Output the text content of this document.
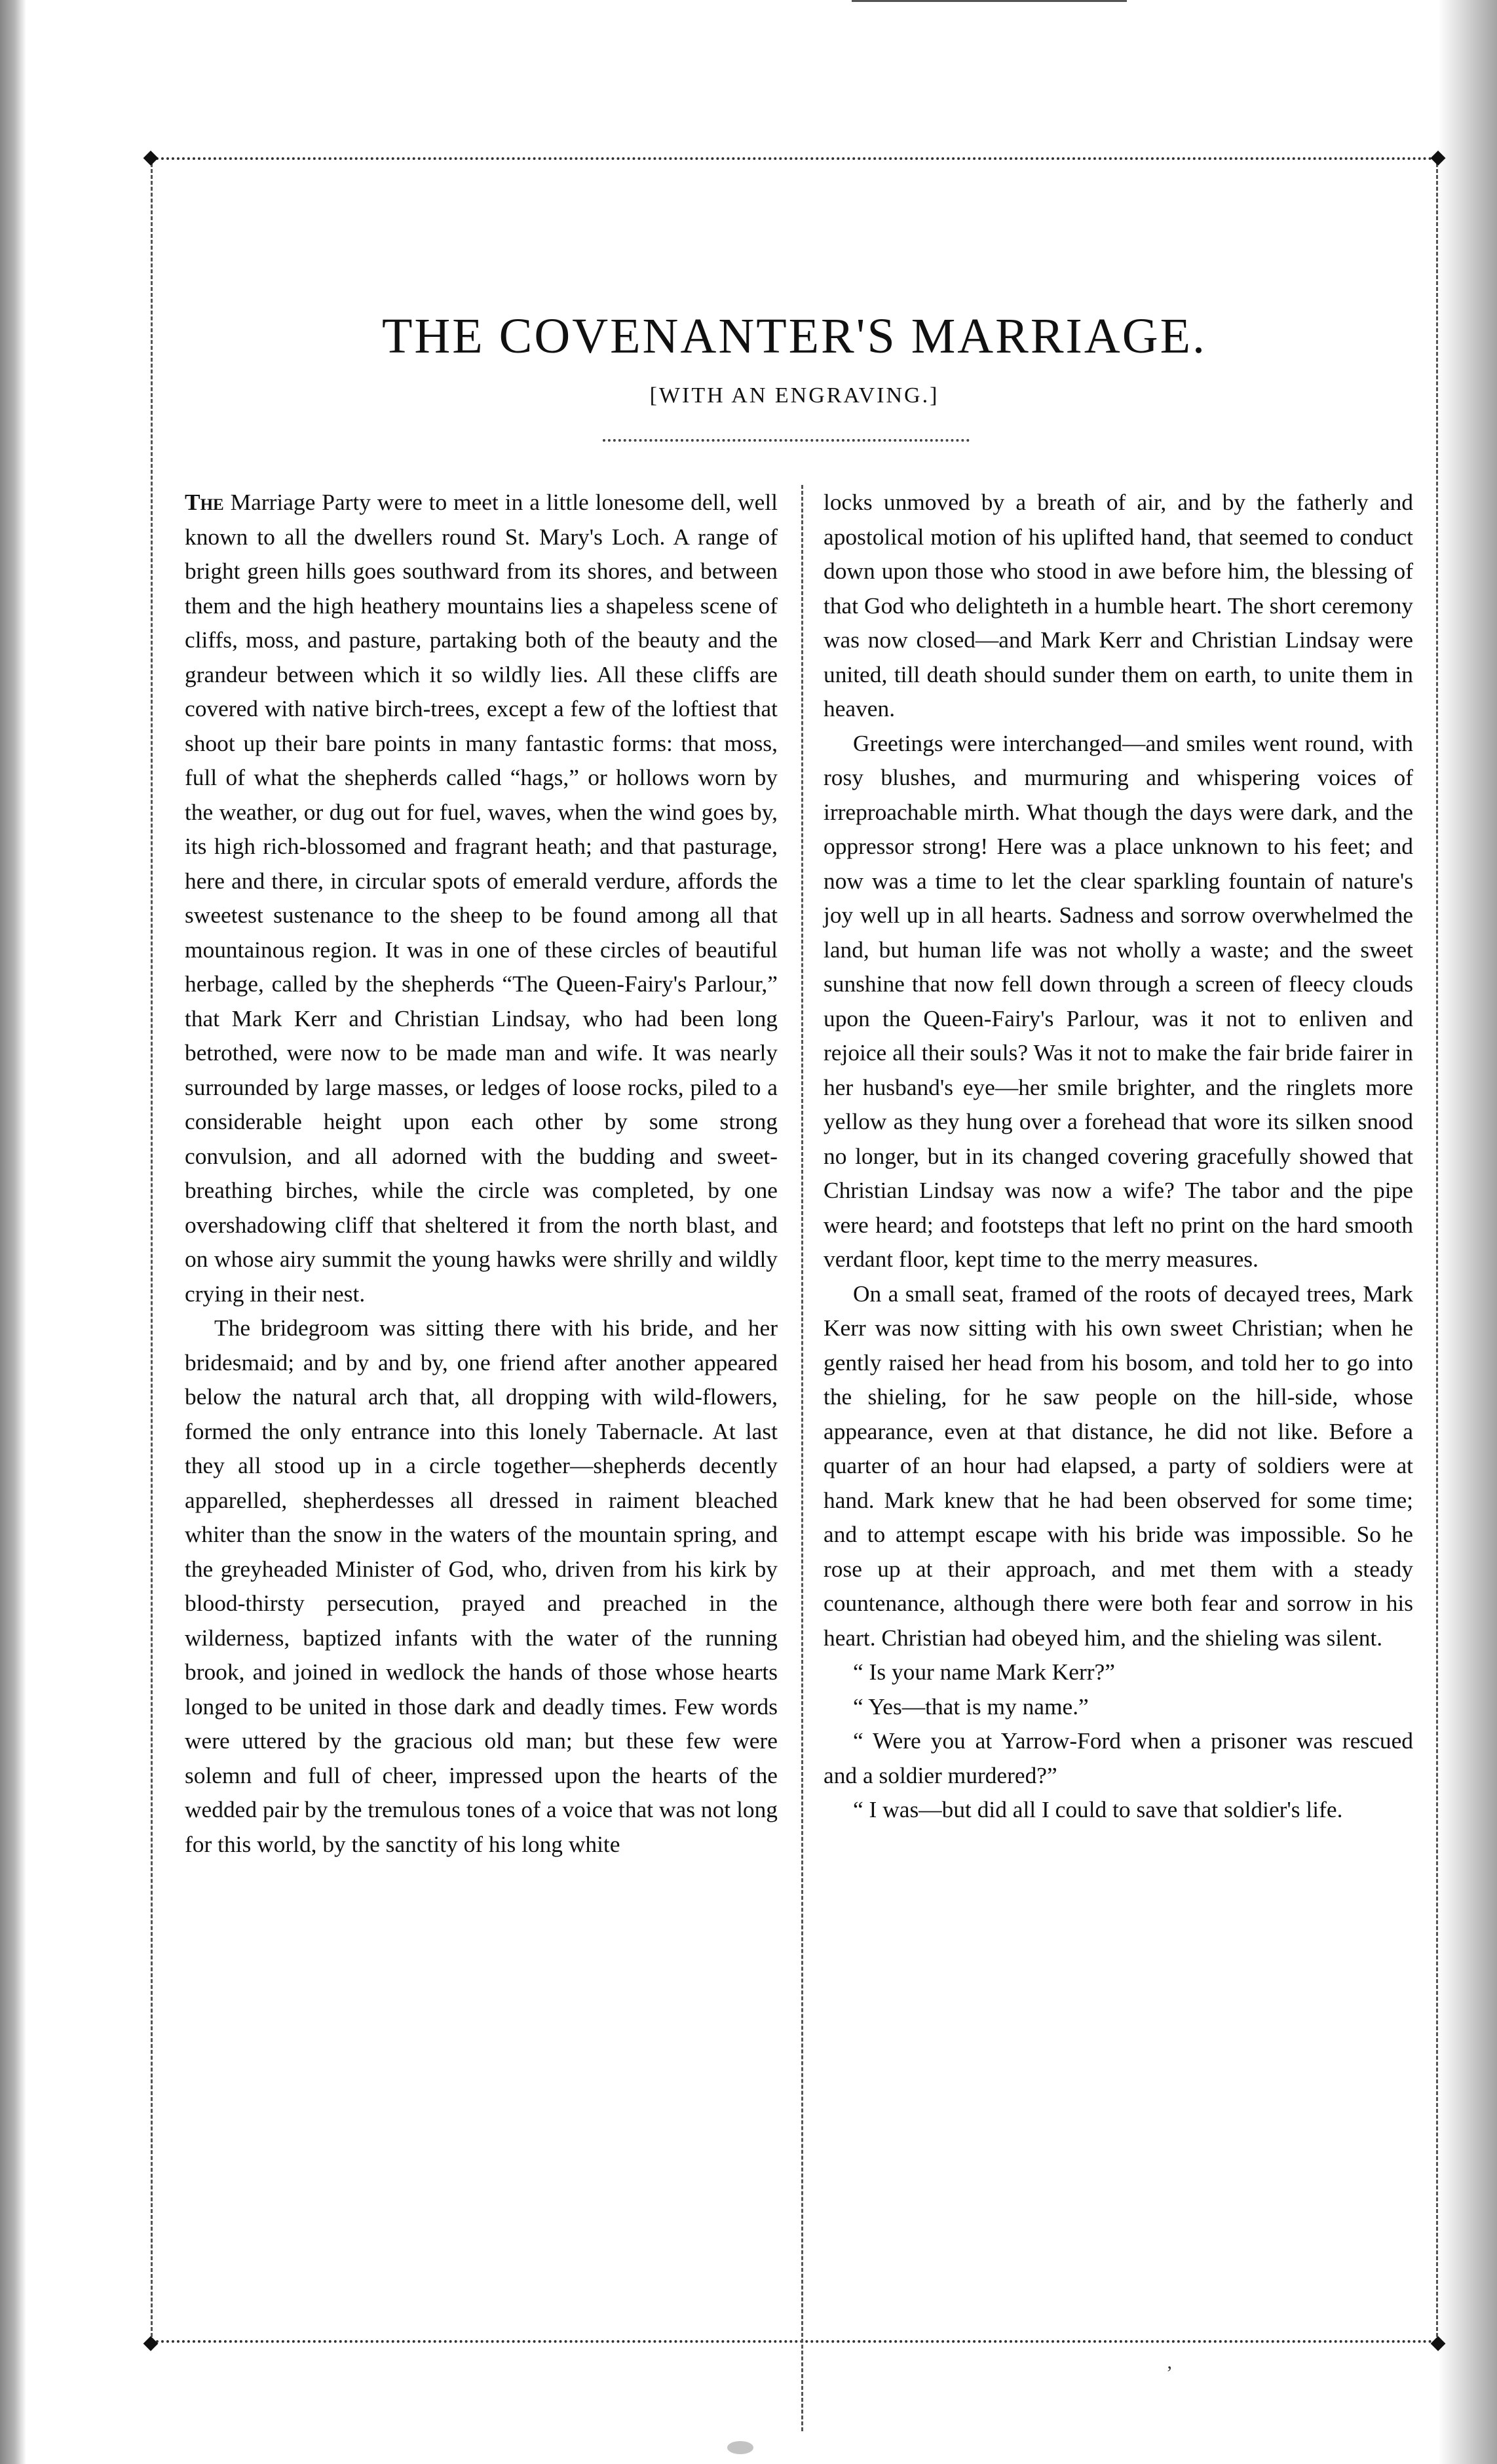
◆	◆
◆	◆
THE COVENANTER'S MARRIAGE.
[WITH AN ENGRAVING.]

The Marriage Party were to meet in a little lonesome dell, well known to all the dwellers round St. Mary's Loch. A range of bright green hills goes southward from its shores, and between them and the high heathery mountains lies a shapeless scene of cliffs, moss, and pasture, partaking both of the beauty and the grandeur between which it so wildly lies. All these cliffs are covered with native birch-trees, except a few of the loftiest that shoot up their bare points in many fantastic forms: that moss, full of what the shepherds called “hags,” or hollows worn by the weather, or dug out for fuel, waves, when the wind goes by, its high rich-blossomed and fragrant heath; and that pasturage, here and there, in circular spots of emerald verdure, affords the sweetest sustenance to the sheep to be found among all that mountainous region. It was in one of these circles of beautiful herbage, called by the shepherds “The Queen-Fairy's Parlour,” that Mark Kerr and Christian Lindsay, who had been long betrothed, were now to be made man and wife. It was nearly surrounded by large masses, or ledges of loose rocks, piled to a considerable height upon each other by some strong convulsion, and all adorned with the budding and sweet-breathing birches, while the circle was completed, by one overshadowing cliff that sheltered it from the north blast, and on whose airy summit the young hawks were shrilly and wildly crying in their nest.

The bridegroom was sitting there with his bride, and her bridesmaid; and by and by, one friend after another appeared below the natural arch that, all dropping with wild-flowers, formed the only entrance into this lonely Tabernacle. At last they all stood up in a circle together—shepherds decently apparelled, shepherdesses all dressed in raiment bleached whiter than the snow in the waters of the mountain spring, and the greyheaded Minister of God, who, driven from his kirk by blood-thirsty persecution, prayed and preached in the wilderness, baptized infants with the water of the running brook, and joined in wedlock the hands of those whose hearts longed to be united in those dark and deadly times. Few words were uttered by the gracious old man; but these few were solemn and full of cheer, impressed upon the hearts of the wedded pair by the tremulous tones of a voice that was not long for this world, by the sanctity of his long white

locks unmoved by a breath of air, and by the fatherly and apostolical motion of his uplifted hand, that seemed to conduct down upon those who stood in awe before him, the blessing of that God who delighteth in a humble heart. The short ceremony was now closed—and Mark Kerr and Christian Lindsay were united, till death should sunder them on earth, to unite them in heaven.

Greetings were interchanged—and smiles went round, with rosy blushes, and murmuring and whispering voices of irreproachable mirth. What though the days were dark, and the oppressor strong! Here was a place unknown to his feet; and now was a time to let the clear sparkling fountain of nature's joy well up in all hearts. Sadness and sorrow overwhelmed the land, but human life was not wholly a waste; and the sweet sunshine that now fell down through a screen of fleecy clouds upon the Queen-Fairy's Parlour, was it not to enliven and rejoice all their souls? Was it not to make the fair bride fairer in her husband's eye—her smile brighter, and the ringlets more yellow as they hung over a forehead that wore its silken snood no longer, but in its changed covering gracefully showed that Christian Lindsay was now a wife? The tabor and the pipe were heard; and footsteps that left no print on the hard smooth verdant floor, kept time to the merry measures.

On a small seat, framed of the roots of decayed trees, Mark Kerr was now sitting with his own sweet Christian; when he gently raised her head from his bosom, and told her to go into the shieling, for he saw people on the hill-side, whose appearance, even at that distance, he did not like. Before a quarter of an hour had elapsed, a party of soldiers were at hand. Mark knew that he had been observed for some time; and to attempt escape with his bride was impossible. So he rose up at their approach, and met them with a steady countenance, although there were both fear and sorrow in his heart. Christian had obeyed him, and the shieling was silent.

“ Is your name Mark Kerr?”

“ Yes—that is my name.”

“ Were you at Yarrow-Ford when a prisoner was rescued and a soldier murdered?”

“ I was—but did all I could to save that soldier's life.

ʼ
